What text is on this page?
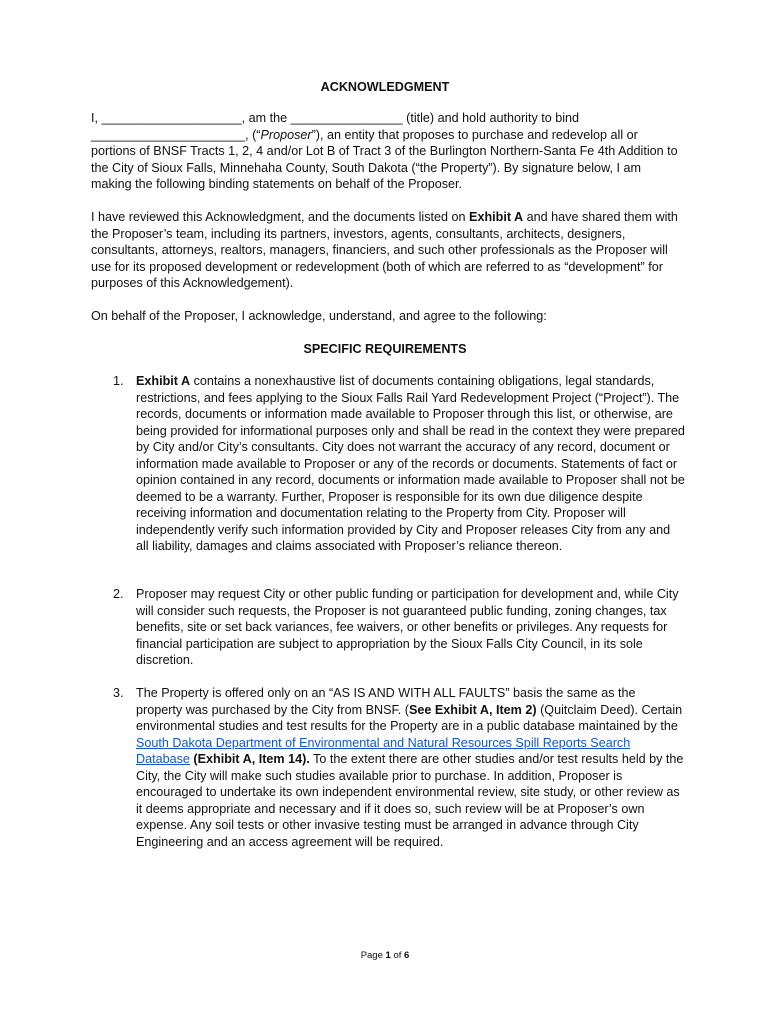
ACKNOWLEDGMENT

I, ____________________, am the ________________ (title) and hold authority to bind ______________________, (“Proposer”), an entity that proposes to purchase and redevelop all or portions of BNSF Tracts 1, 2, 4 and/or Lot B of Tract 3 of the Burlington Northern-Santa Fe 4th Addition to the City of Sioux Falls, Minnehaha County, South Dakota (“the Property”). By signature below, I am making the following binding statements on behalf of the Proposer.

I have reviewed this Acknowledgment, and the documents listed on Exhibit A and have shared them with the Proposer’s team, including its partners, investors, agents, consultants, architects, designers, consultants, attorneys, realtors, managers, financiers, and such other professionals as the Proposer will use for its proposed development or redevelopment (both of which are referred to as “development” for purposes of this Acknowledgement).

On behalf of the Proposer, I acknowledge, understand, and agree to the following:

SPECIFIC REQUIREMENTS
1. Exhibit A contains a nonexhaustive list of documents containing obligations, legal standards, restrictions, and fees applying to the Sioux Falls Rail Yard Redevelopment Project (“Project”). The records, documents or information made available to Proposer through this list, or otherwise, are being provided for informational purposes only and shall be read in the context they were prepared by City and/or City’s consultants. City does not warrant the accuracy of any record, document or information made available to Proposer or any of the records or documents. Statements of fact or opinion contained in any record, documents or information made available to Proposer shall not be deemed to be a warranty. Further, Proposer is responsible for its own due diligence despite receiving information and documentation relating to the Property from City. Proposer will independently verify such information provided by City and Proposer releases City from any and all liability, damages and claims associated with Proposer’s reliance thereon.
2. Proposer may request City or other public funding or participation for development and, while City will consider such requests, the Proposer is not guaranteed public funding, zoning changes, tax benefits, site or set back variances, fee waivers, or other benefits or privileges. Any requests for financial participation are subject to appropriation by the Sioux Falls City Council, in its sole discretion.
3. The Property is offered only on an “AS IS AND WITH ALL FAULTS” basis the same as the property was purchased by the City from BNSF. (See Exhibit A, Item 2) (Quitclaim Deed). Certain environmental studies and test results for the Property are in a public database maintained by the South Dakota Department of Environmental and Natural Resources Spill Reports Search Database (Exhibit A, Item 14). To the extent there are other studies and/or test results held by the City, the City will make such studies available prior to purchase. In addition, Proposer is encouraged to undertake its own independent environmental review, site study, or other review as it deems appropriate and necessary and if it does so, such review will be at Proposer’s own expense. Any soil tests or other invasive testing must be arranged in advance through City Engineering and an access agreement will be required.
Page 1 of 6
